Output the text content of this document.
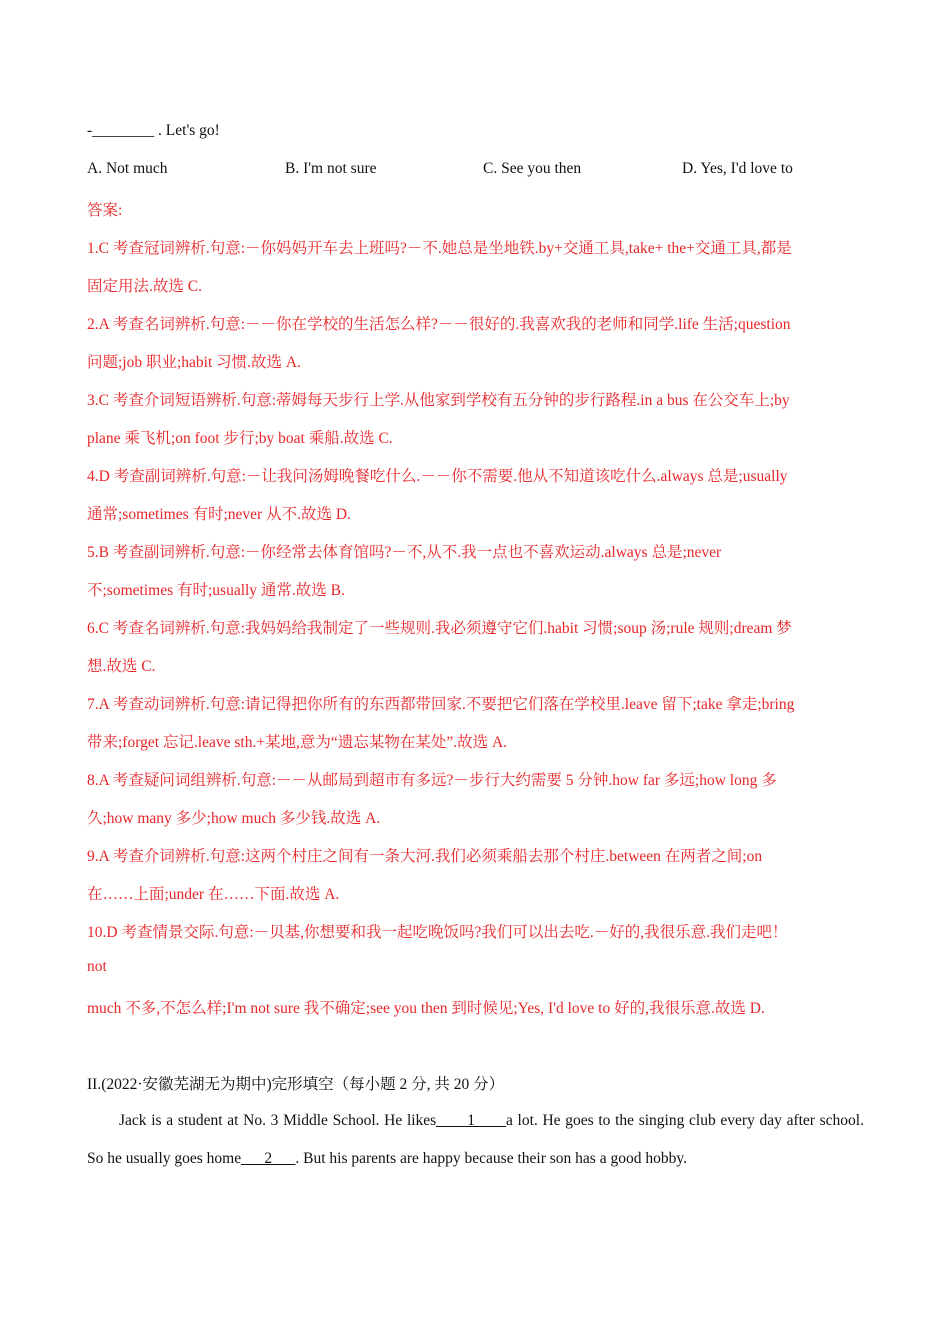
-________ . Let's go!
A. Not much	B. I'm not sure	C. See you then	D. Yes, I'd love to
答案:
1.C 考查冠词辨析.句意:－你妈妈开车去上班吗?－不.她总是坐地铁.by+交通工具,take+ the+交通工具,都是
固定用法.故选 C.
2.A 考查名词辨析.句意:－－你在学校的生活怎么样?－－很好的.我喜欢我的老师和同学.life 生活;question
问题;job 职业;habit 习惯.故选 A.
3.C 考查介词短语辨析.句意:蒂姆每天步行上学.从他家到学校有五分钟的步行路程.in a bus 在公交车上;by
plane 乘飞机;on foot 步行;by boat 乘船.故选 C.
4.D 考查副词辨析.句意:－让我问汤姆晚餐吃什么.－－你不需要.他从不知道该吃什么.always 总是;usually
通常;sometimes 有时;never 从不.故选 D.
5.B 考查副词辨析.句意:－你经常去体育馆吗?－不,从不.我一点也不喜欢运动.always 总是;never
不;sometimes 有时;usually 通常.故选 B.
6.C 考查名词辨析.句意:我妈妈给我制定了一些规则.我必须遵守它们.habit 习惯;soup 汤;rule 规则;dream 梦
想.故选 C.
7.A 考查动词辨析.句意:请记得把你所有的东西都带回家.不要把它们落在学校里.leave 留下;take 拿走;bring
带来;forget 忘记.leave sth.+某地,意为“遗忘某物在某处”.故选 A.
8.A 考查疑问词组辨析.句意:－－从邮局到超市有多远?－步行大约需要 5 分钟.how far 多远;how long 多
久;how many 多少;how much 多少钱.故选 A.
9.A 考查介词辨析.句意:这两个村庄之间有一条大河.我们必须乘船去那个村庄.between 在两者之间;on
在……上面;under 在……下面.故选 A.
10.D 考查情景交际.句意:－贝基,你想要和我一起吃晚饭吗?我们可以出去吃.－好的,我很乐意.我们走吧！
not
much 不多,不怎么样;I'm not sure 我不确定;see you then 到时候见;Yes, I'd love to 好的,我很乐意.故选 D.
II.(2022·安徽芜湖无为期中)完形填空（每小题 2 分, 共 20 分）
Jack is a student at No. 3 Middle School. He likes____1____a lot. He goes to the singing club every day after school. So he usually goes home___2___. But his parents are happy because their son has a good hobby.
